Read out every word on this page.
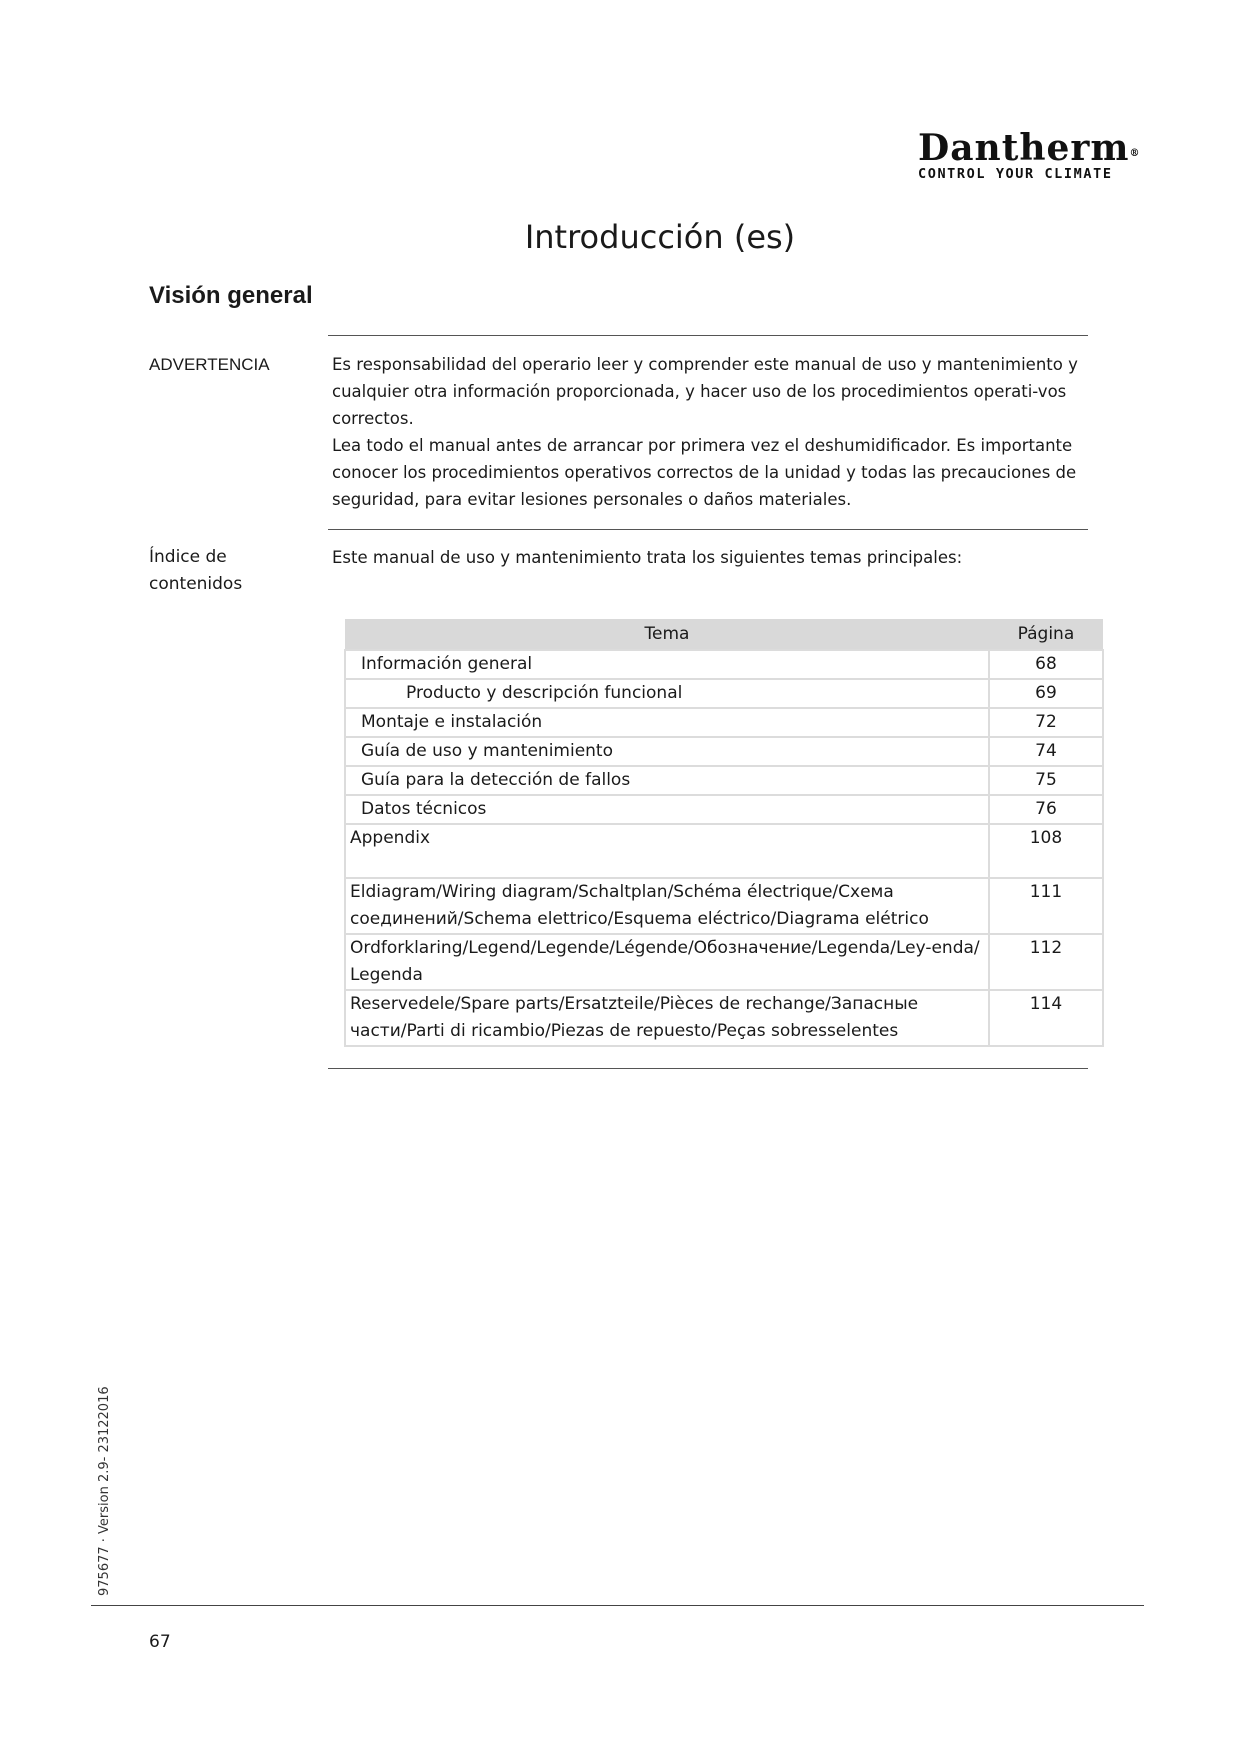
Dantherm®
CONTROL YOUR CLIMATE
Introducción (es)
Visión general
ADVERTENCIA	Es responsabilidad del operario leer y comprender este manual de uso y mantenimiento y cualquier otra información proporcionada, y hacer uso de los procedimientos operati-vos correctos.

Lea todo el manual antes de arrancar por primera vez el deshumidificador. Es importante conocer los procedimientos operativos correctos de la unidad y todas las precauciones de seguridad, para evitar lesiones personales o daños materiales.

Índice de
contenidos
Este manual de uso y mantenimiento trata los siguientes temas principales:
Tema	Página
Información general	68
Producto y descripción funcional	69
Montaje e instalación	72
Guía de uso y mantenimiento	74
Guía para la detección de fallos	75
Datos técnicos	76
Appendix	108
Eldiagram/Wiring diagram/Schaltplan/Schéma électrique/Схема соединений/Schema elettrico/Esquema eléctrico/Diagrama elétrico	111
Ordforklaring/Legend/Legende/Légende/Обозначение/Legenda/Ley-enda/ Legenda	112
Reservedele/Spare parts/Ersatzteile/Pièces de rechange/Запасные части/Parti di ricambio/Piezas de repuesto/Peças sobresselentes	114
975677 · Version 2.9- 23122016
67
